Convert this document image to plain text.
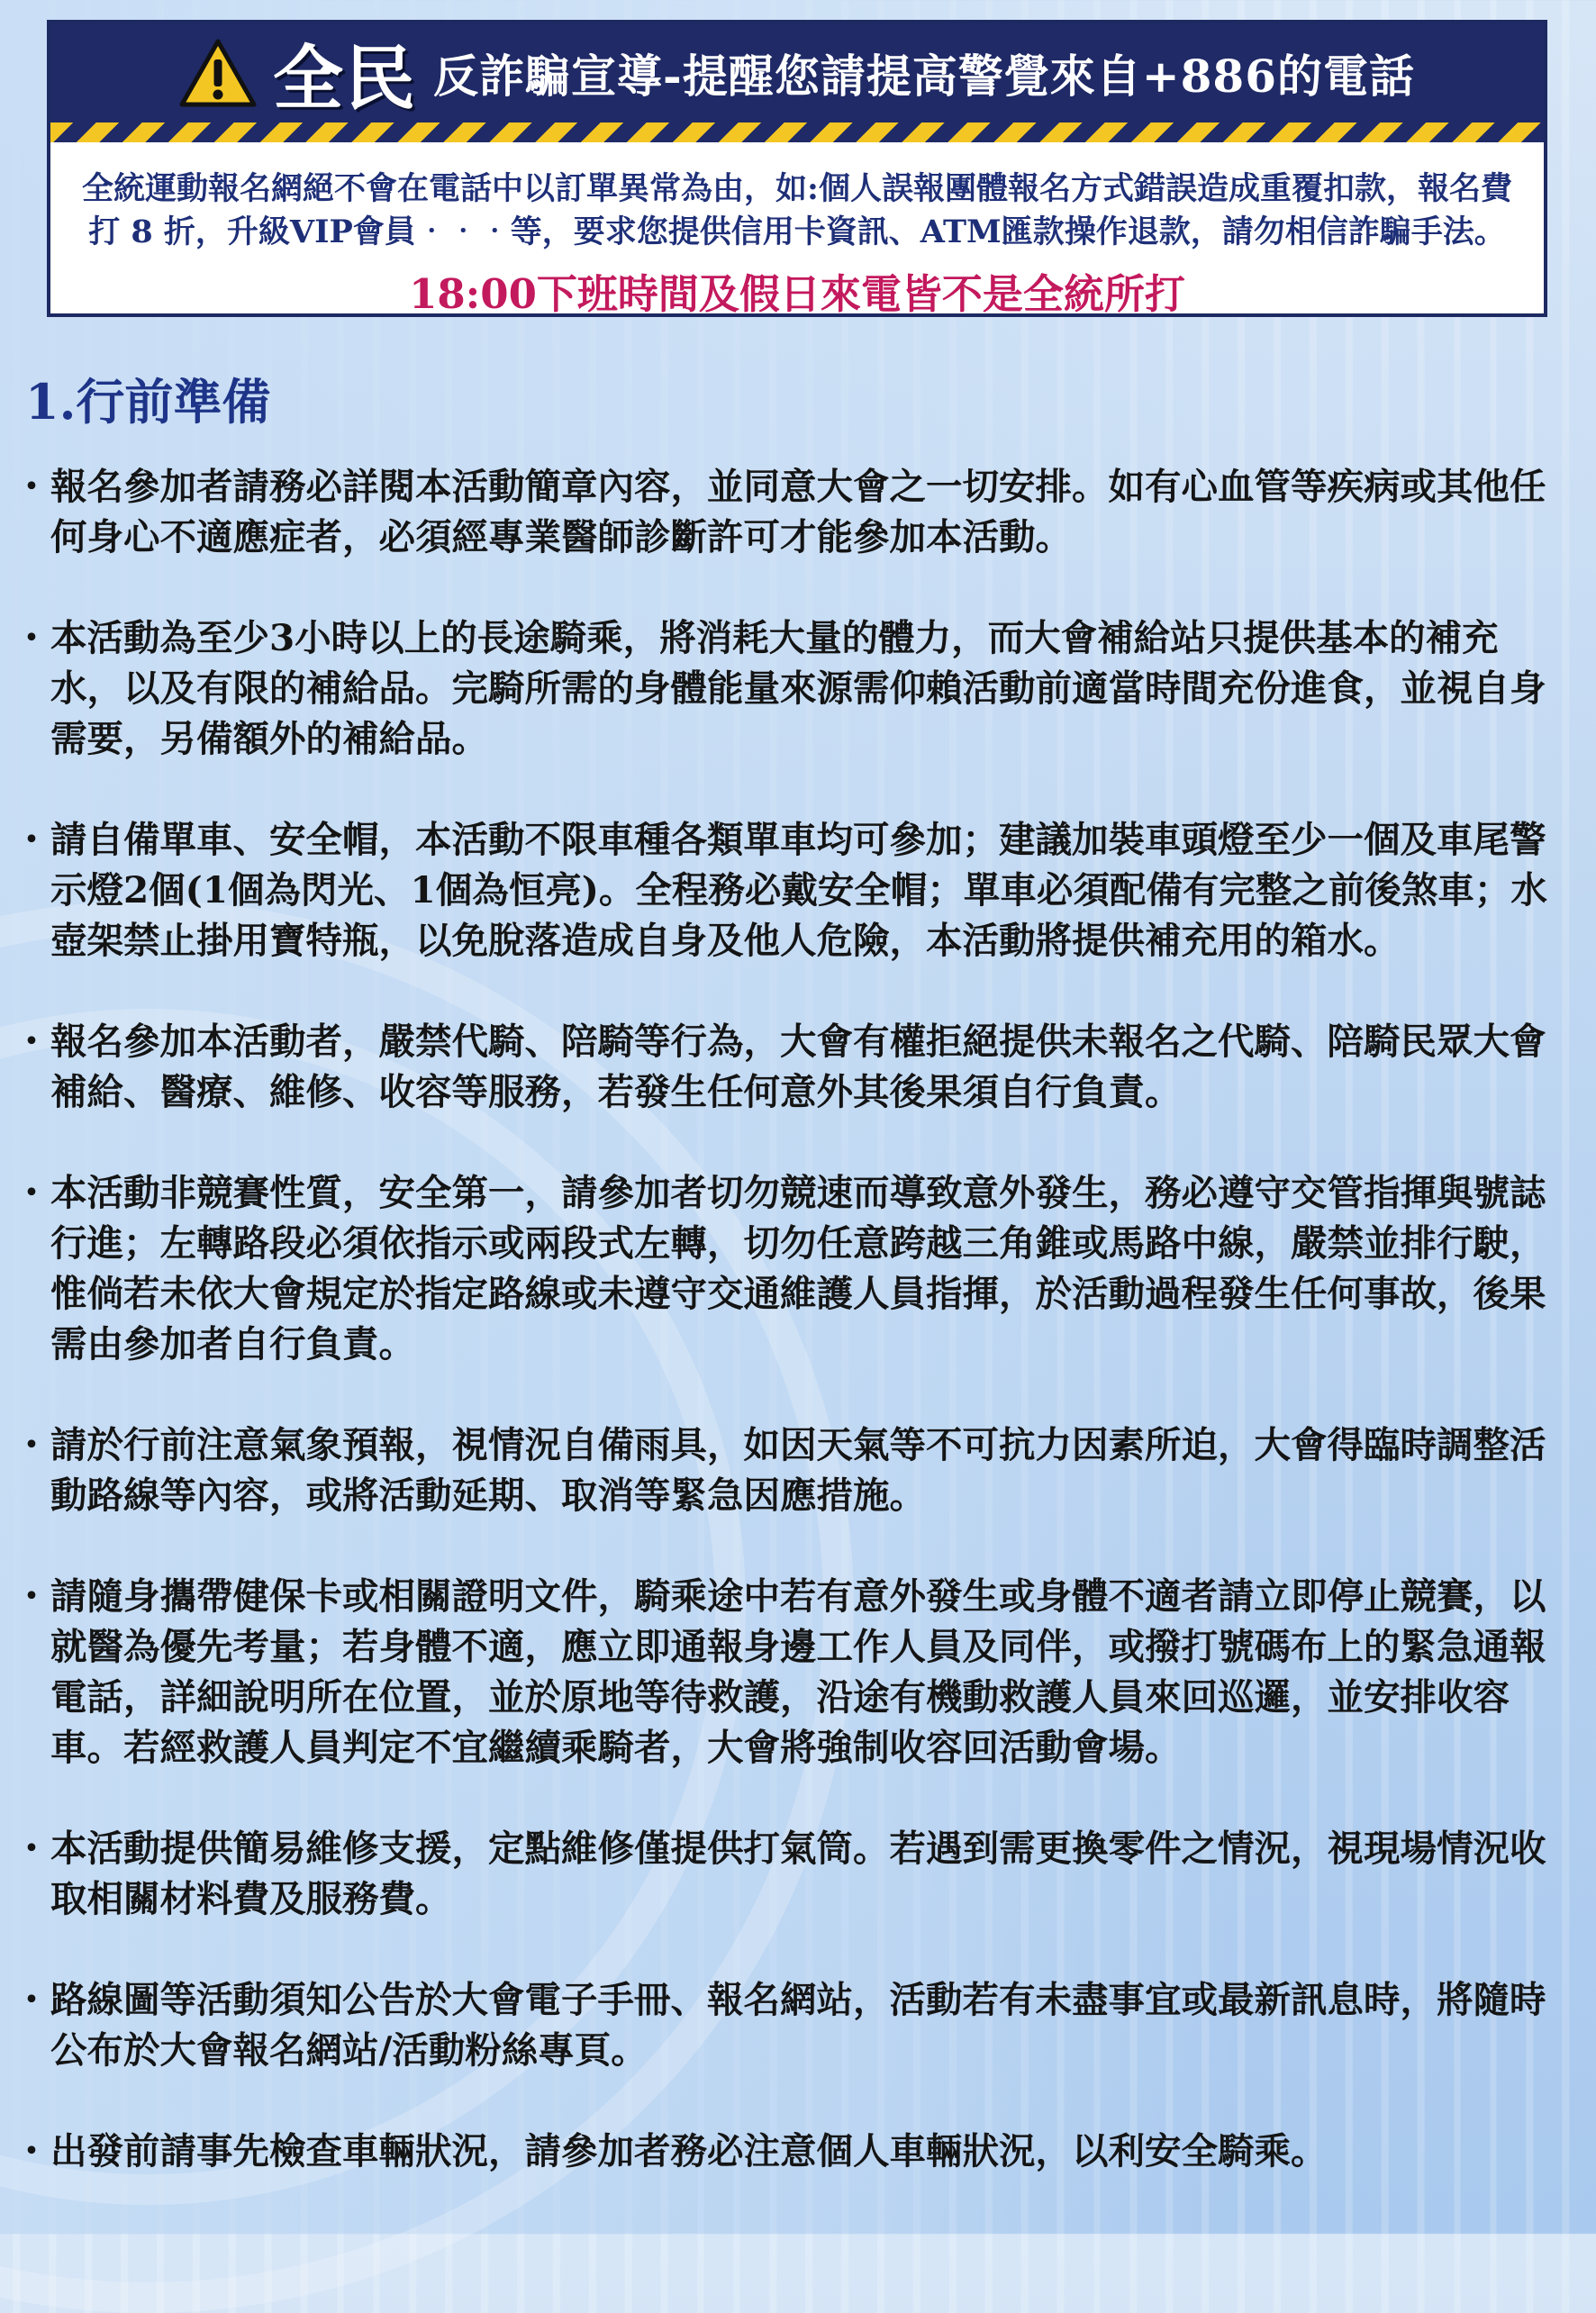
全民 反詐騙宣導-提醒您請提高警覺來自+886的電話
全統運動報名網絕不會在電話中以訂單異常為由，如:個人誤報團體報名方式錯誤造成重覆扣款，報名費打 8 折，升級VIP會員‧‧‧等，要求您提供信用卡資訊、ATM匯款操作退款，請勿相信詐騙手法。
18:00下班時間及假日來電皆不是全統所打
1.行前準備
・ 報名參加者請務必詳閱本活動簡章內容，並同意大會之一切安排。如有心血管等疾病或其他任何身心不適應症者，必須經專業醫師診斷許可才能參加本活動。
・ 本活動為至少3小時以上的長途騎乘，將消耗大量的體力，而大會補給站只提供基本的補充水，以及有限的補給品。完騎所需的身體能量來源需仰賴活動前適當時間充份進食，並視自身需要，另備額外的補給品。
・ 請自備單車、安全帽，本活動不限車種各類單車均可參加；建議加裝車頭燈至少一個及車尾警示燈2個(1個為閃光、1個為恒亮)。全程務必戴安全帽；單車必須配備有完整之前後煞車；水壺架禁止掛用寶特瓶，以免脫落造成自身及他人危險，本活動將提供補充用的箱水。
・ 報名參加本活動者，嚴禁代騎、陪騎等行為，大會有權拒絕提供未報名之代騎、陪騎民眾大會補給、醫療、維修、收容等服務，若發生任何意外其後果須自行負責。
・ 本活動非競賽性質，安全第一，請參加者切勿競速而導致意外發生，務必遵守交管指揮與號誌行進；左轉路段必須依指示或兩段式左轉，切勿任意跨越三角錐或馬路中線，嚴禁並排行駛，惟倘若未依大會規定於指定路線或未遵守交通維護人員指揮，於活動過程發生任何事故，後果需由參加者自行負責。
・ 請於行前注意氣象預報，視情況自備雨具，如因天氣等不可抗力因素所迫，大會得臨時調整活動路線等內容，或將活動延期、取消等緊急因應措施。
・ 請隨身攜帶健保卡或相關證明文件，騎乘途中若有意外發生或身體不適者請立即停止競賽，以就醫為優先考量；若身體不適，應立即通報身邊工作人員及同伴，或撥打號碼布上的緊急通報電話，詳細說明所在位置，並於原地等待救護，沿途有機動救護人員來回巡邏，並安排收容車。若經救護人員判定不宜繼續乘騎者，大會將強制收容回活動會場。
・ 本活動提供簡易維修支援，定點維修僅提供打氣筒。若遇到需更換零件之情況，視現場情況收取相關材料費及服務費。
・ 路線圖等活動須知公告於大會電子手冊、報名網站，活動若有未盡事宜或最新訊息時，將隨時公布於大會報名網站/活動粉絲專頁。
・ 出發前請事先檢查車輛狀況，請參加者務必注意個人車輛狀況，以利安全騎乘。
